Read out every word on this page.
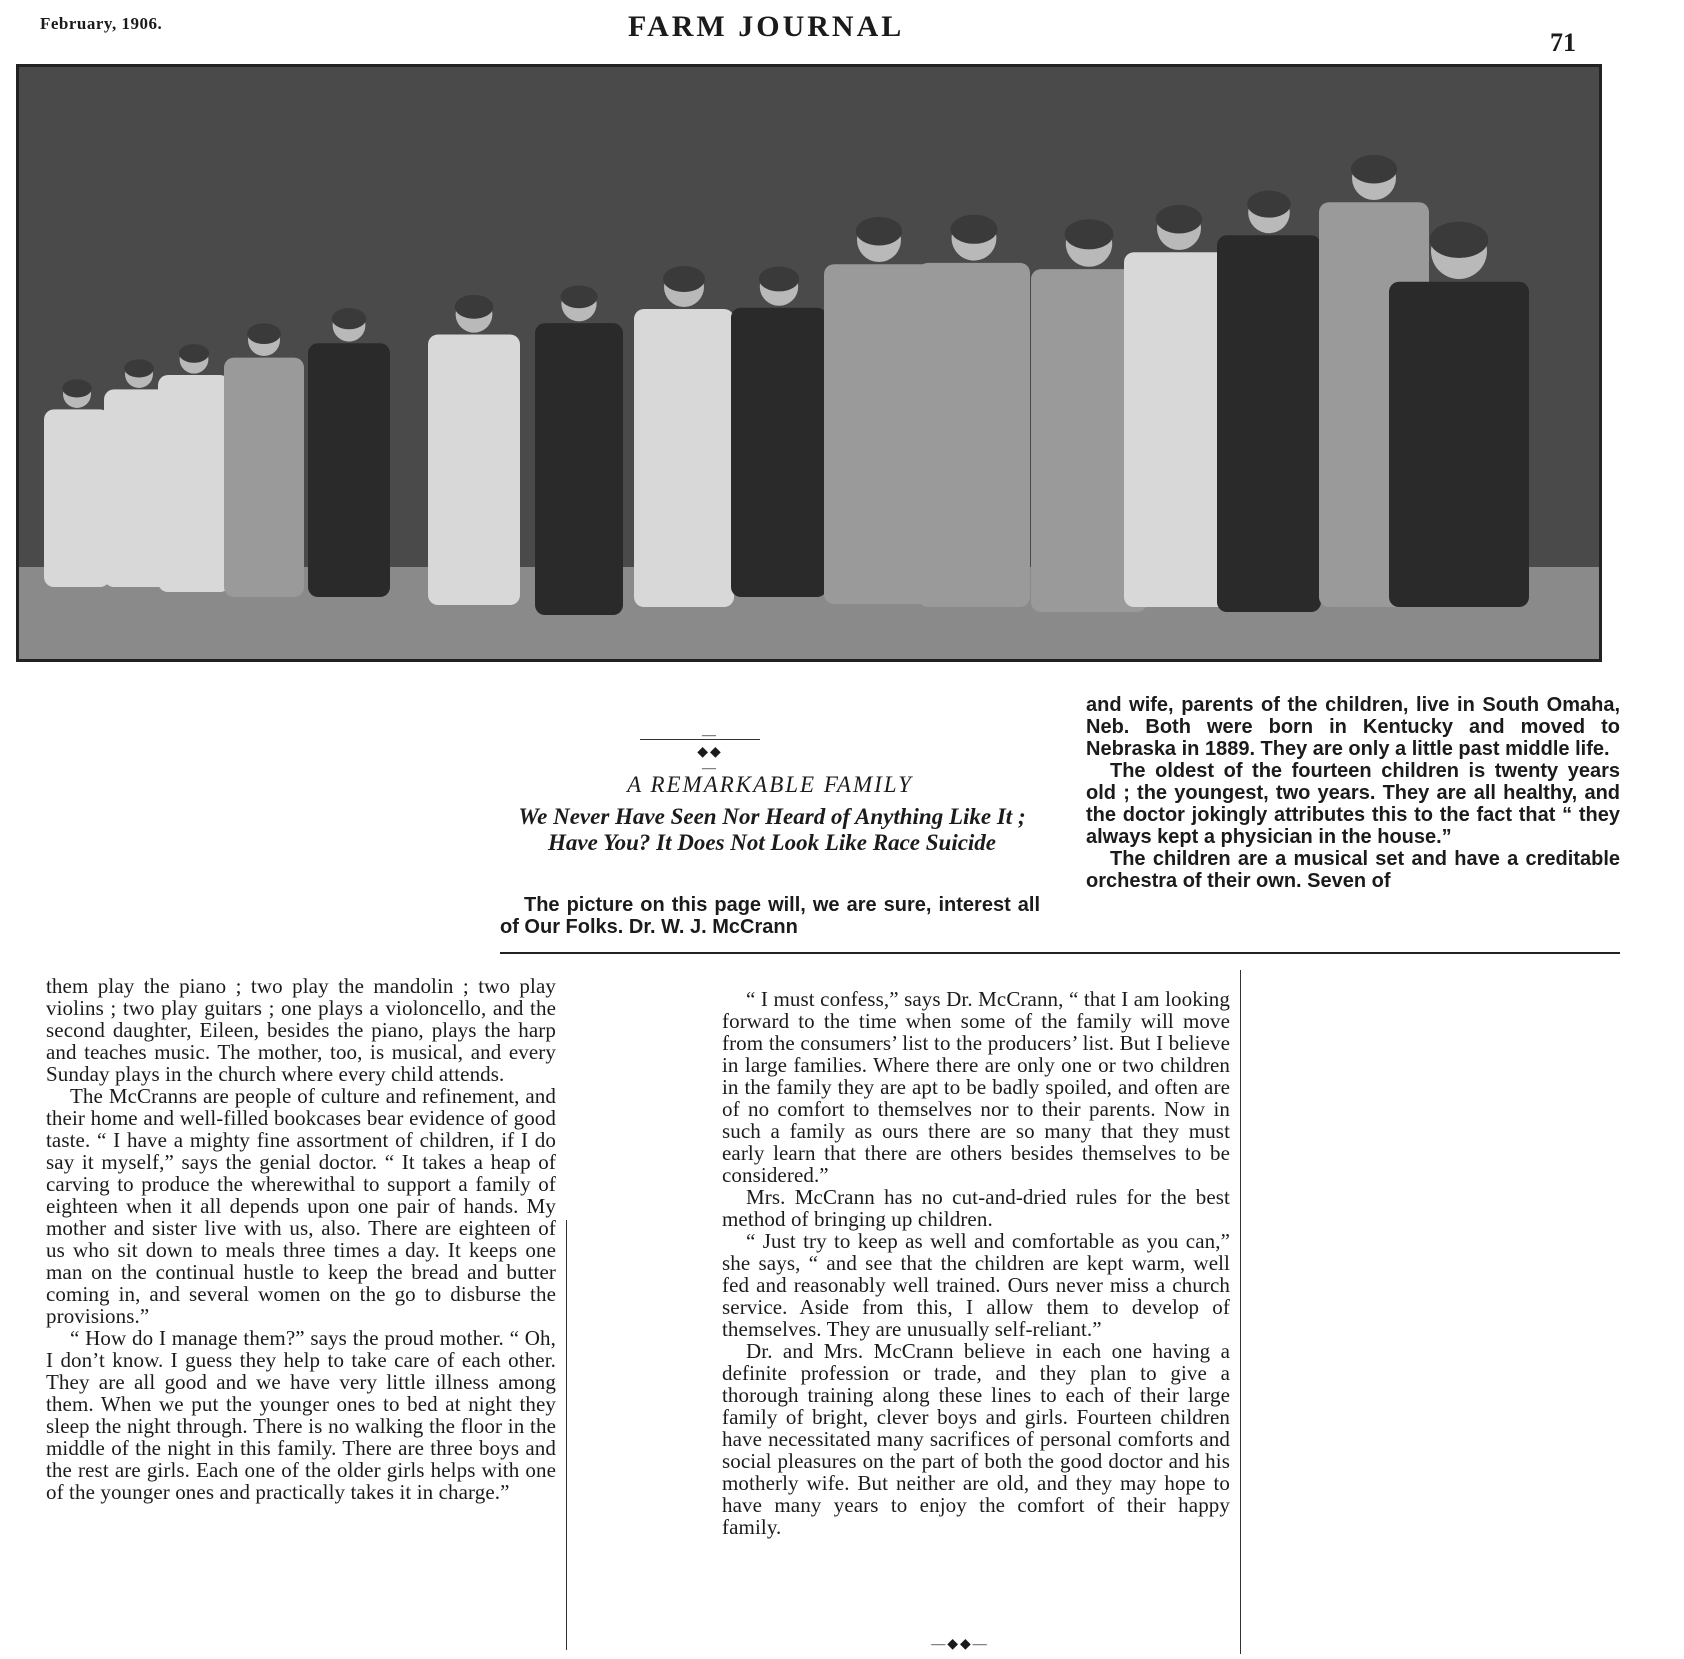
February, 1906.	FARM JOURNAL	71
—◆◆—
A REMARKABLE FAMILY
We Never Have Seen Nor Heard of Anything Like It ; Have You? It Does Not Look Like Race Suicide
The picture on this page will, we are sure, interest all of Our Folks. Dr. W. J. McCrann

and wife, parents of the children, live in South Omaha, Neb. Both were born in Kentucky and moved to Nebraska in 1889. They are only a little past middle life.

The oldest of the fourteen children is twenty years old ; the youngest, two years. They are all healthy, and the doctor jokingly attributes this to the fact that “ they always kept a physician in the house.”

The children are a musical set and have a creditable orchestra of their own. Seven of

them play the piano ; two play the mandolin ; two play violins ; two play guitars ; one plays a violoncello, and the second daughter, Eileen, besides the piano, plays the harp and teaches music. The mother, too, is musical, and every Sunday plays in the church where every child attends.

The McCranns are people of culture and refinement, and their home and well-filled bookcases bear evidence of good taste. “ I have a mighty fine assortment of children, if I do say it myself,” says the genial doctor. “ It takes a heap of carving to produce the wherewithal to support a family of eighteen when it all depends upon one pair of hands. My mother and sister live with us, also. There are eighteen of us who sit down to meals three times a day. It keeps one man on the continual hustle to keep the bread and butter coming in, and several women on the go to disburse the provisions.”

“ How do I manage them?” says the proud mother. “ Oh, I don’t know. I guess they help to take care of each other. They are all good and we have very little illness among them. When we put the younger ones to bed at night they sleep the night through. There is no walking the floor in the middle of the night in this family. There are three boys and the rest are girls. Each one of the older girls helps with one of the younger ones and practically takes it in charge.”

“ I must confess,” says Dr. McCrann, “ that I am looking forward to the time when some of the family will move from the consumers’ list to the producers’ list. But I believe in large families. Where there are only one or two children in the family they are apt to be badly spoiled, and often are of no comfort to themselves nor to their parents. Now in such a family as ours there are so many that they must early learn that there are others besides themselves to be considered.”

Mrs. McCrann has no cut-and-dried rules for the best method of bringing up children.

“ Just try to keep as well and comfortable as you can,” she says, “ and see that the children are kept warm, well fed and reasonably well trained. Ours never miss a church service. Aside from this, I allow them to develop of themselves. They are unusually self-reliant.”

Dr. and Mrs. McCrann believe in each one having a definite profession or trade, and they plan to give a thorough training along these lines to each of their large family of bright, clever boys and girls. Fourteen children have necessitated many sacrifices of personal comforts and social pleasures on the part of both the good doctor and his motherly wife. But neither are old, and they may hope to have many years to enjoy the comfort of their happy family.

—◆◆—
